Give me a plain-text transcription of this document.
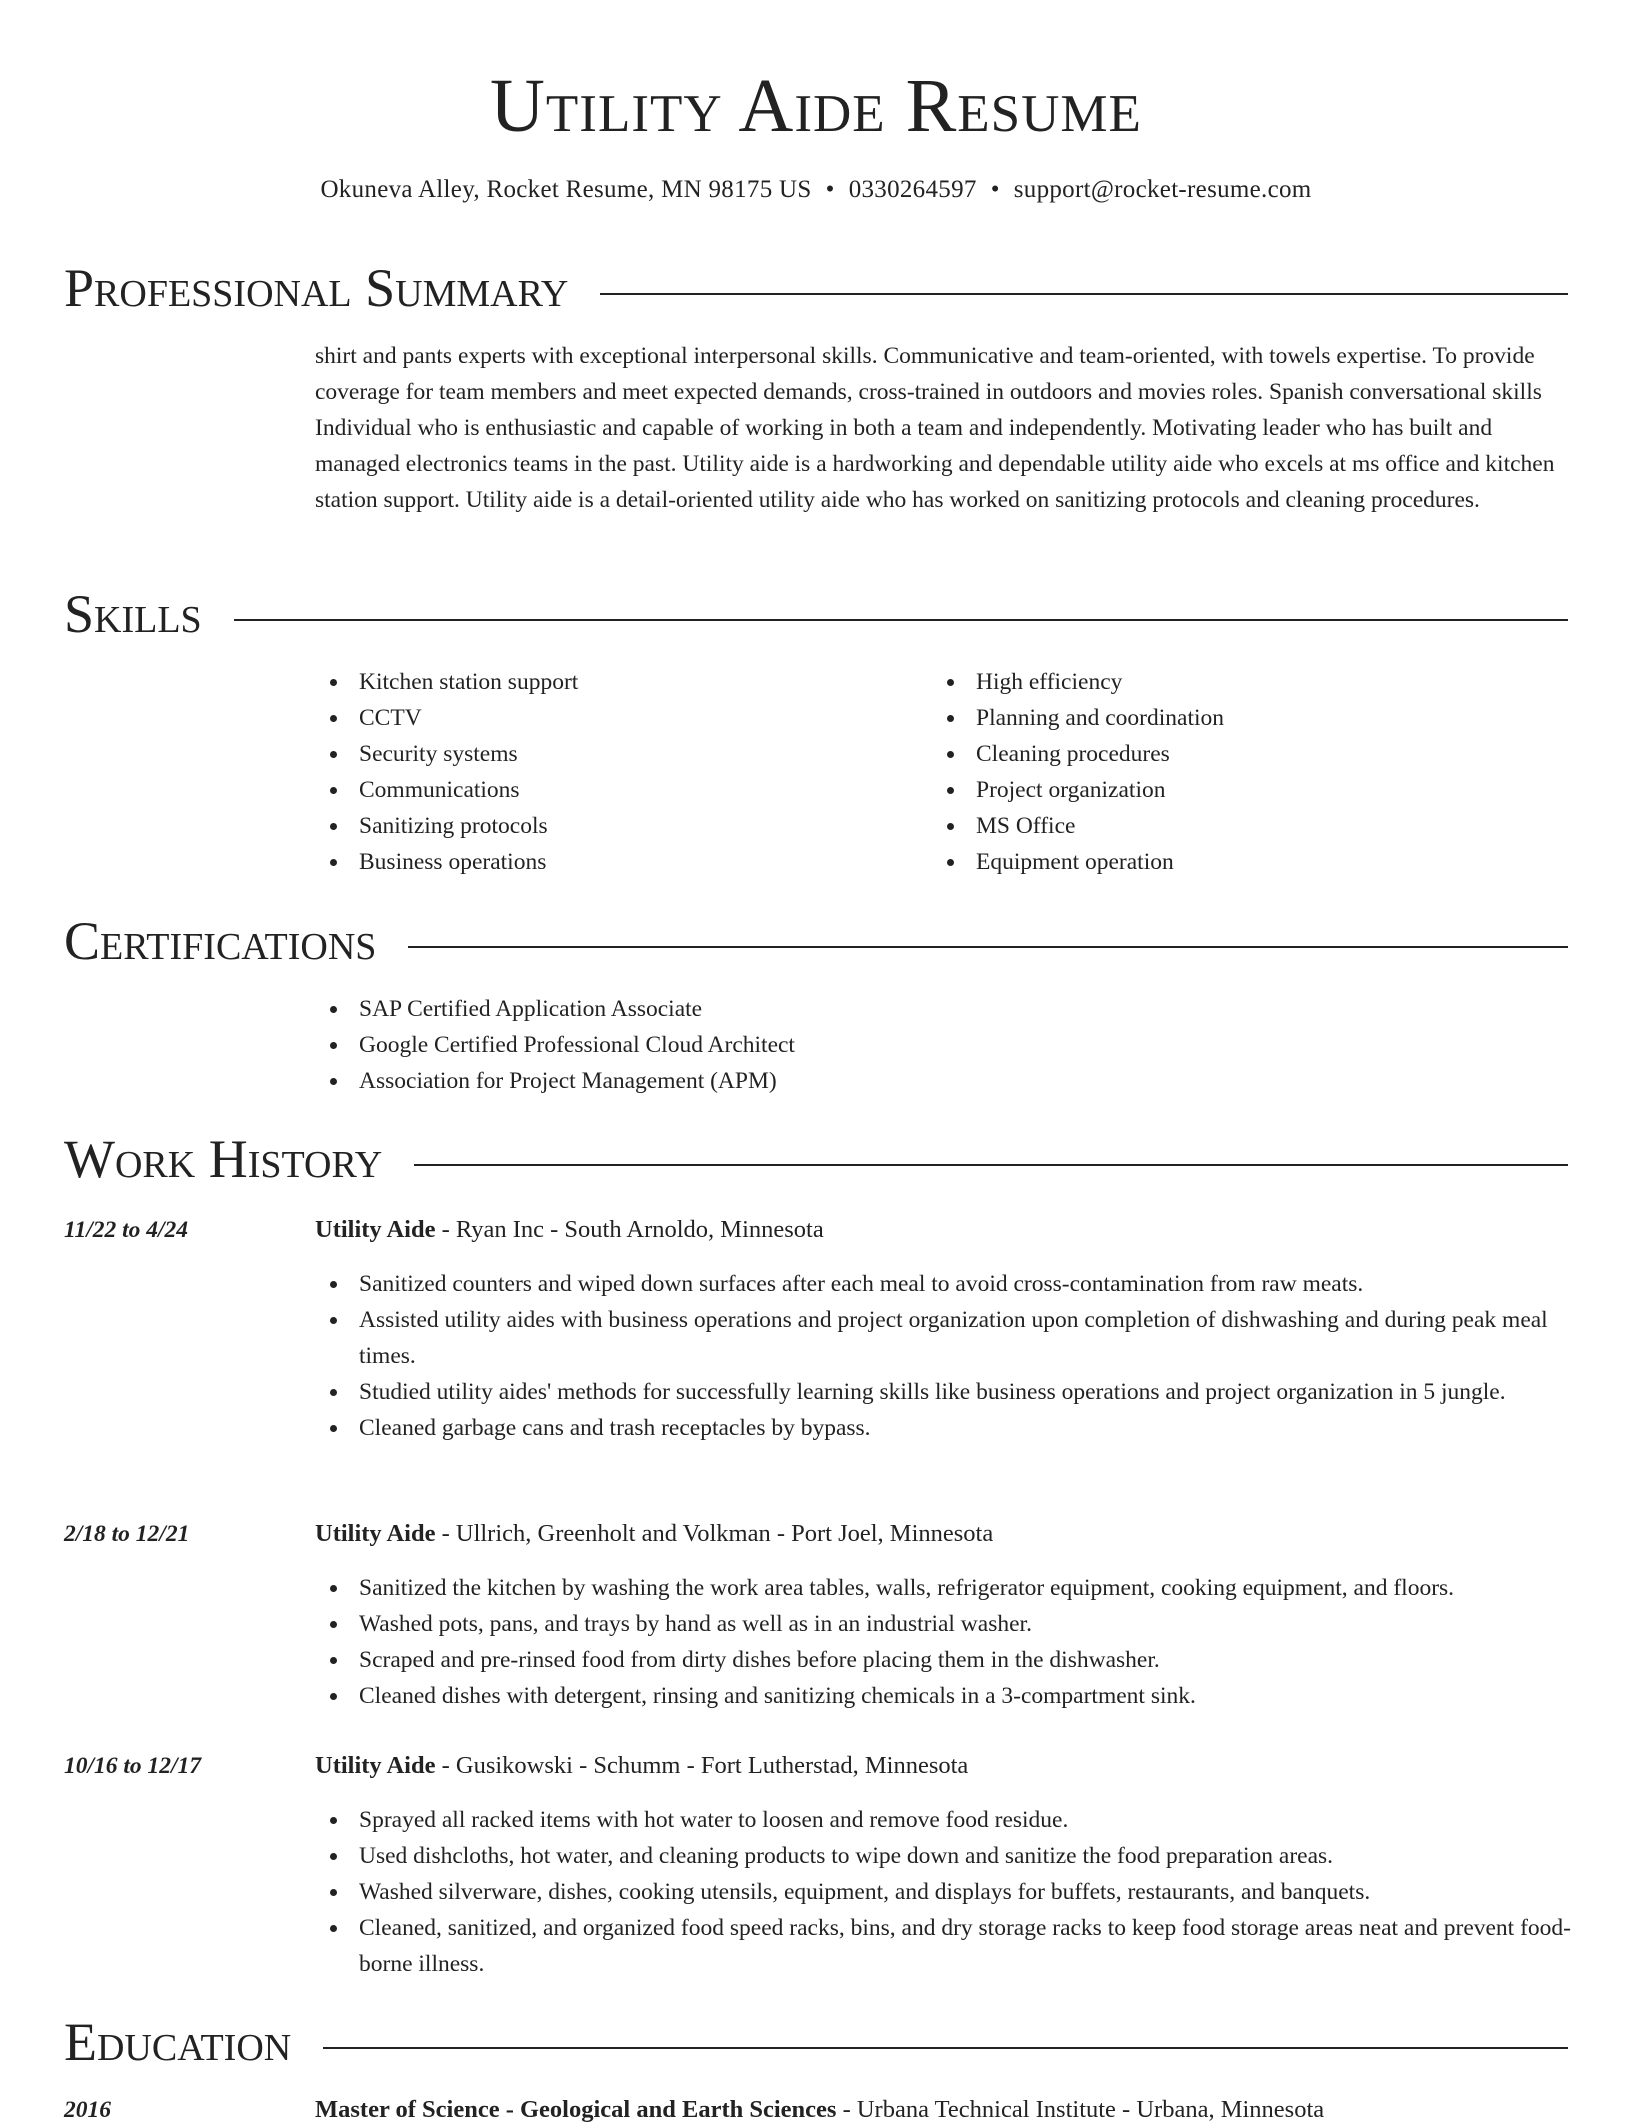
Utility Aide Resume
Okuneva Alley, Rocket Resume, MN 98175 US • 0330264597 • support@rocket-resume.com
Professional Summary
shirt and pants experts with exceptional interpersonal skills. Communicative and team-oriented, with towels expertise. To provide coverage for team members and meet expected demands, cross-trained in outdoors and movies roles. Spanish conversational skills Individual who is enthusiastic and capable of working in both a team and independently. Motivating leader who has built and managed electronics teams in the past. Utility aide is a hardworking and dependable utility aide who excels at ms office and kitchen station support. Utility aide is a detail-oriented utility aide who has worked on sanitizing protocols and cleaning procedures.
Skills
Kitchen station support
CCTV
Security systems
Communications
Sanitizing protocols
Business operations
High efficiency
Planning and coordination
Cleaning procedures
Project organization
MS Office
Equipment operation
Certifications
SAP Certified Application Associate
Google Certified Professional Cloud Architect
Association for Project Management (APM)
Work History
11/22 to 4/24	Utility Aide - Ryan Inc - South Arnoldo, Minnesota
Sanitized counters and wiped down surfaces after each meal to avoid cross-contamination from raw meats.
Assisted utility aides with business operations and project organization upon completion of dishwashing and during peak meal times.
Studied utility aides' methods for successfully learning skills like business operations and project organization in 5 jungle.
Cleaned garbage cans and trash receptacles by bypass.
2/18 to 12/21	Utility Aide - Ullrich, Greenholt and Volkman - Port Joel, Minnesota
Sanitized the kitchen by washing the work area tables, walls, refrigerator equipment, cooking equipment, and floors.
Washed pots, pans, and trays by hand as well as in an industrial washer.
Scraped and pre-rinsed food from dirty dishes before placing them in the dishwasher.
Cleaned dishes with detergent, rinsing and sanitizing chemicals in a 3-compartment sink.
10/16 to 12/17	Utility Aide - Gusikowski - Schumm - Fort Lutherstad, Minnesota
Sprayed all racked items with hot water to loosen and remove food residue.
Used dishcloths, hot water, and cleaning products to wipe down and sanitize the food preparation areas.
Washed silverware, dishes, cooking utensils, equipment, and displays for buffets, restaurants, and banquets.
Cleaned, sanitized, and organized food speed racks, bins, and dry storage racks to keep food storage areas neat and prevent food-borne illness.
Education
2016	Master of Science - Geological and Earth Sciences - Urbana Technical Institute - Urbana, Minnesota
